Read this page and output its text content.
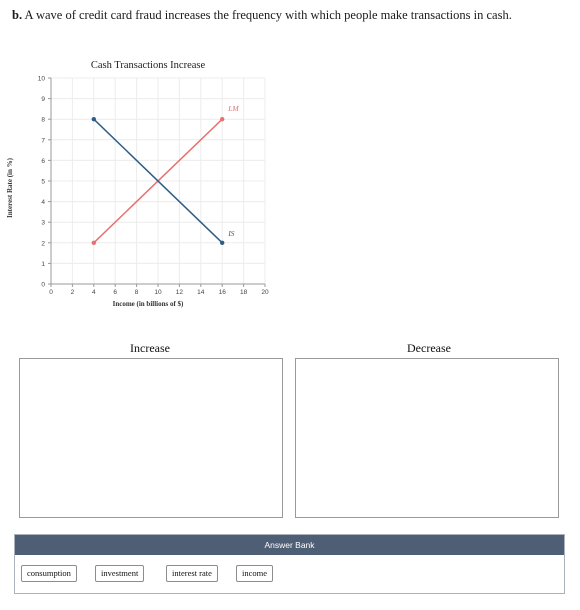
b. A wave of credit card fraud increases the frequency with which people make transactions in cash.
0
1
2
3
4
5
6
7
8
9
10
0	2	4	6	8 10 12 14 16 18 20
LM
IS
Cash Transactions Increase
Income (in billions of $)
Interest Rate (in %)
Increase	Decrease
Answer Bank
consumption	investment	interest rate	income
